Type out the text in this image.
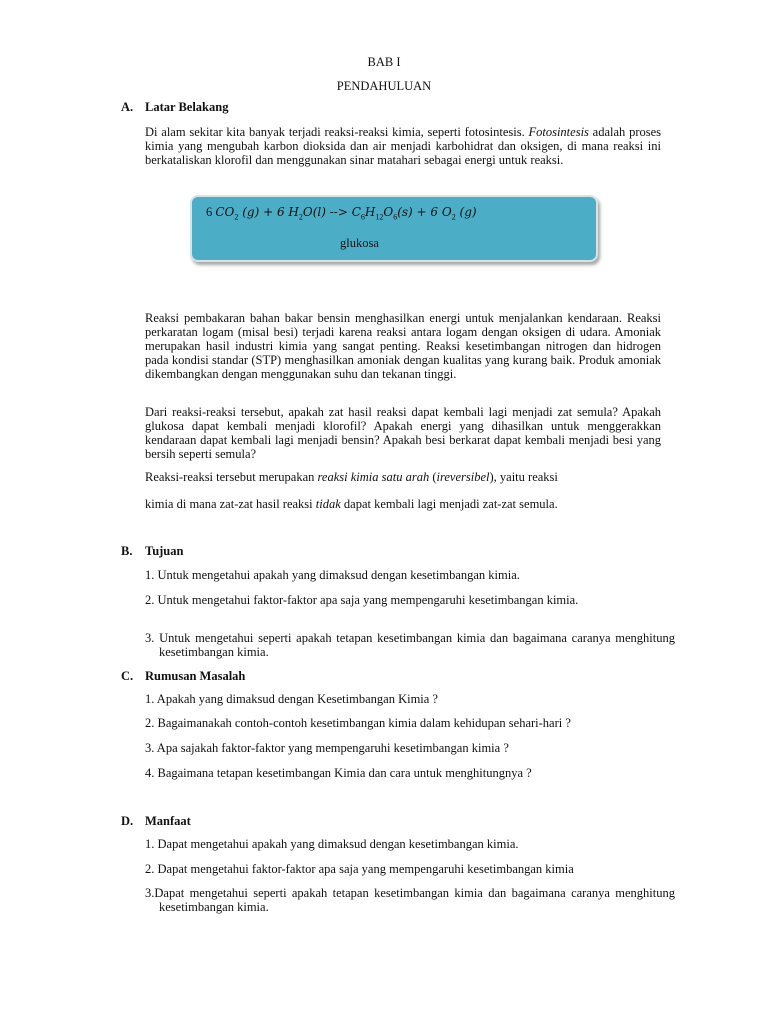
BAB I
PENDAHULUAN
A. Latar Belakang
Di alam sekitar kita banyak terjadi reaksi-reaksi kimia, seperti fotosintesis. Fotosintesis adalah proses kimia yang mengubah karbon dioksida dan air menjadi karbohidrat dan oksigen, di mana reaksi ini berkataliskan klorofil dan menggunakan sinar matahari sebagai energi untuk reaksi.
6 $CO_2$ (g) + 6 $H_2O(l)$ --> $C_6H_{12}O_6(s) + 6$ $O_2$ (g)
glukosa
Reaksi pembakaran bahan bakar bensin menghasilkan energi untuk menjalankan kendaraan. Reaksi perkaratan logam (misal besi) terjadi karena reaksi antara logam dengan oksigen di udara. Amoniak merupakan hasil industri kimia yang sangat penting. Reaksi kesetimbangan nitrogen dan hidrogen pada kondisi standar (STP) menghasilkan amoniak dengan kualitas yang kurang baik. Produk amoniak dikembangkan dengan menggunakan suhu dan tekanan tinggi.
Dari reaksi-reaksi tersebut, apakah zat hasil reaksi dapat kembali lagi menjadi zat semula? Apakah glukosa dapat kembali menjadi klorofil? Apakah energi yang dihasilkan untuk menggerakkan kendaraan dapat kembali lagi menjadi bensin? Apakah besi berkarat dapat kembali menjadi besi yang bersih seperti semula?
Reaksi-reaksi tersebut merupakan reaksi kimia satu arah (ireversibel), yaitu reaksi
kimia di mana zat-zat hasil reaksi tidak dapat kembali lagi menjadi zat-zat semula.
B. Tujuan
1. Untuk mengetahui apakah yang dimaksud dengan kesetimbangan kimia.
2. Untuk mengetahui faktor-faktor apa saja yang mempengaruhi kesetimbangan kimia.
3. Untuk mengetahui seperti apakah tetapan kesetimbangan kimia dan bagaimana caranya menghitung kesetimbangan kimia.
C. Rumusan Masalah
1. Apakah yang dimaksud dengan Kesetimbangan Kimia ?
2. Bagaimanakah contoh-contoh kesetimbangan kimia dalam kehidupan sehari-hari ?
3. Apa sajakah faktor-faktor yang mempengaruhi kesetimbangan kimia ?
4. Bagaimana tetapan kesetimbangan Kimia dan cara untuk menghitungnya ?
D. Manfaat
1. Dapat mengetahui apakah yang dimaksud dengan kesetimbangan kimia.
2. Dapat mengetahui faktor-faktor apa saja yang mempengaruhi kesetimbangan kimia
3.Dapat mengetahui seperti apakah tetapan kesetimbangan kimia dan bagaimana caranya menghitung kesetimbangan kimia.
